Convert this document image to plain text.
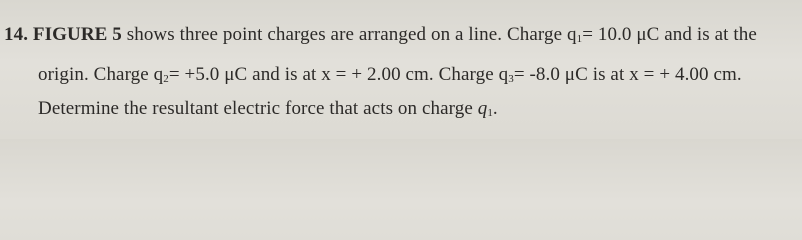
14. FIGURE 5 shows three point charges are arranged on a line. Charge $q_1= 10.0$ μC and is at the
origin. Charge $q_2= +5.0$ μC and is at x = + 2.00 cm. Charge $q_3= -8.0$ μC is at x = + 4.00 cm.
Determine the resultant electric force that acts on charge $q_1$.
